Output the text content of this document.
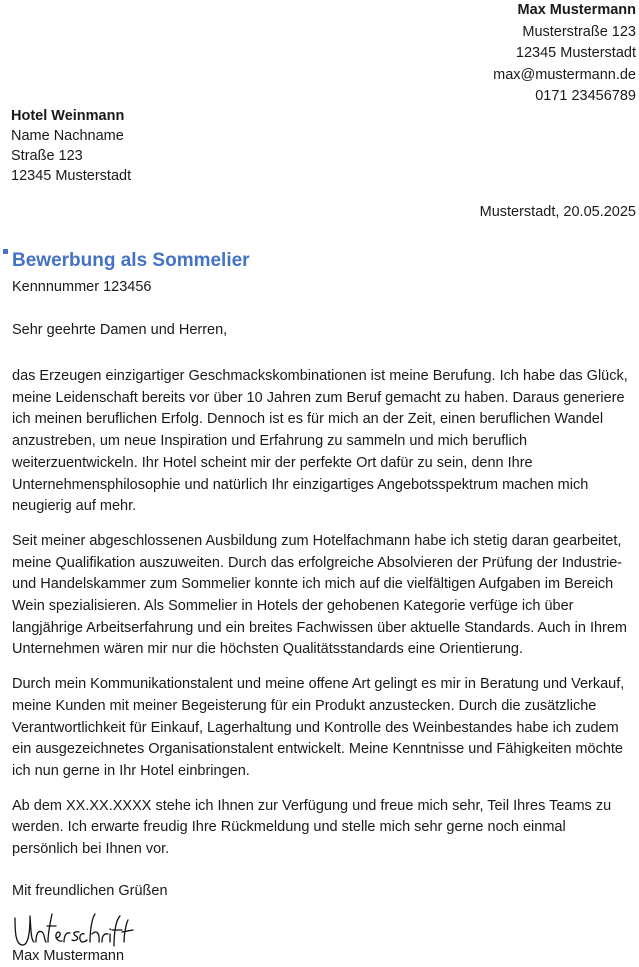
Max Mustermann
Musterstraße 123
12345 Musterstadt
max@mustermann.de
0171 23456789
Hotel Weinmann
Name Nachname
Straße 123
12345 Musterstadt
Musterstadt, 20.05.2025
Bewerbung als Sommelier
Kennnummer 123456
Sehr geehrte Damen und Herren,

das Erzeugen einzigartiger Geschmackskombinationen ist meine Berufung. Ich habe das Glück, meine Leidenschaft bereits vor über 10 Jahren zum Beruf gemacht zu haben. Daraus generiere ich meinen beruflichen Erfolg. Dennoch ist es für mich an der Zeit, einen beruflichen Wandel anzustreben, um neue Inspiration und Erfahrung zu sammeln und mich beruflich weiterzuentwickeln. Ihr Hotel scheint mir der perfekte Ort dafür zu sein, denn Ihre Unternehmensphilosophie und natürlich Ihr einzigartiges Angebotsspektrum machen mich neugierig auf mehr.

Seit meiner abgeschlossenen Ausbildung zum Hotelfachmann habe ich stetig daran gearbeitet, meine Qualifikation auszuweiten. Durch das erfolgreiche Absolvieren der Prüfung der Industrie- und Handelskammer zum Sommelier konnte ich mich auf die vielfältigen Aufgaben im Bereich Wein spezialisieren. Als Sommelier in Hotels der gehobenen Kategorie verfüge ich über langjährige Arbeitserfahrung und ein breites Fachwissen über aktuelle Standards. Auch in Ihrem Unternehmen wären mir nur die höchsten Qualitätsstandards eine Orientierung.

Durch mein Kommunikationstalent und meine offene Art gelingt es mir in Beratung und Verkauf, meine Kunden mit meiner Begeisterung für ein Produkt anzustecken. Durch die zusätzliche Verantwortlichkeit für Einkauf, Lagerhaltung und Kontrolle des Weinbestandes habe ich zudem ein ausgezeichnetes Organisationstalent entwickelt. Meine Kenntnisse und Fähigkeiten möchte ich nun gerne in Ihr Hotel einbringen.

Ab dem XX.XX.XXXX stehe ich Ihnen zur Verfügung und freue mich sehr, Teil Ihres Teams zu werden. Ich erwarte freudig Ihre Rückmeldung und stelle mich sehr gerne noch einmal persönlich bei Ihnen vor.

Mit freundlichen Grüßen
Max Mustermann
